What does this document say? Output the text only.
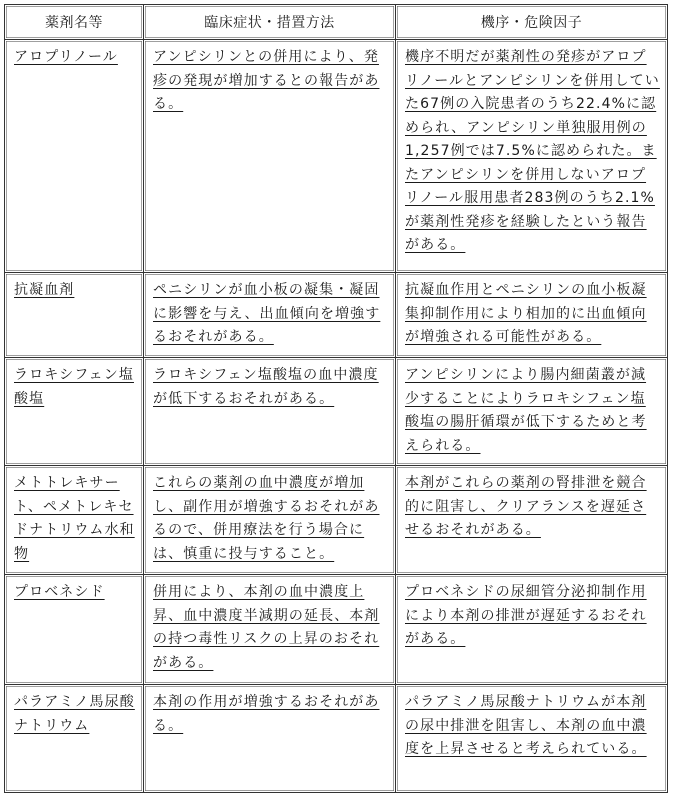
薬剤名等	臨床症状・措置方法	機序・危険因子
アロプリノール	アンピシリンとの併用により、発疹の発現が増加するとの報告がある。	機序不明だが薬剤性の発疹がアロプリノールとアンピシリンを併用していた67例の入院患者のうち22.4%に認められ、アンピシリン単独服用例の1,257例では7.5%に認められた。またアンピシリンを併用しないアロプリノール服用患者283例のうち2.1%が薬剤性発疹を経験したという報告がある。
抗凝血剤	ペニシリンが血小板の凝集・凝固に影響を与え、出血傾向を増強するおそれがある。	抗凝血作用とペニシリンの血小板凝集抑制作用により相加的に出血傾向が増強される可能性がある。
ラロキシフェン塩酸塩	ラロキシフェン塩酸塩の血中濃度が低下するおそれがある。	アンピシリンにより腸内細菌叢が減少することによりラロキシフェン塩酸塩の腸肝循環が低下するためと考えられる。
メトトレキサート、ペメトレキセドナトリウム水和物	これらの薬剤の血中濃度が増加し、副作用が増強するおそれがあるので、併用療法を行う場合には、慎重に投与すること。	本剤がこれらの薬剤の腎排泄を競合的に阻害し、クリアランスを遅延させるおそれがある。
プロベネシド	併用により、本剤の血中濃度上昇、血中濃度半減期の延長、本剤の持つ毒性リスクの上昇のおそれがある。	プロベネシドの尿細管分泌抑制作用により本剤の排泄が遅延するおそれがある。
パラアミノ馬尿酸ナトリウム	本剤の作用が増強するおそれがある。	パラアミノ馬尿酸ナトリウムが本剤の尿中排泄を阻害し、本剤の血中濃度を上昇させると考えられている。
